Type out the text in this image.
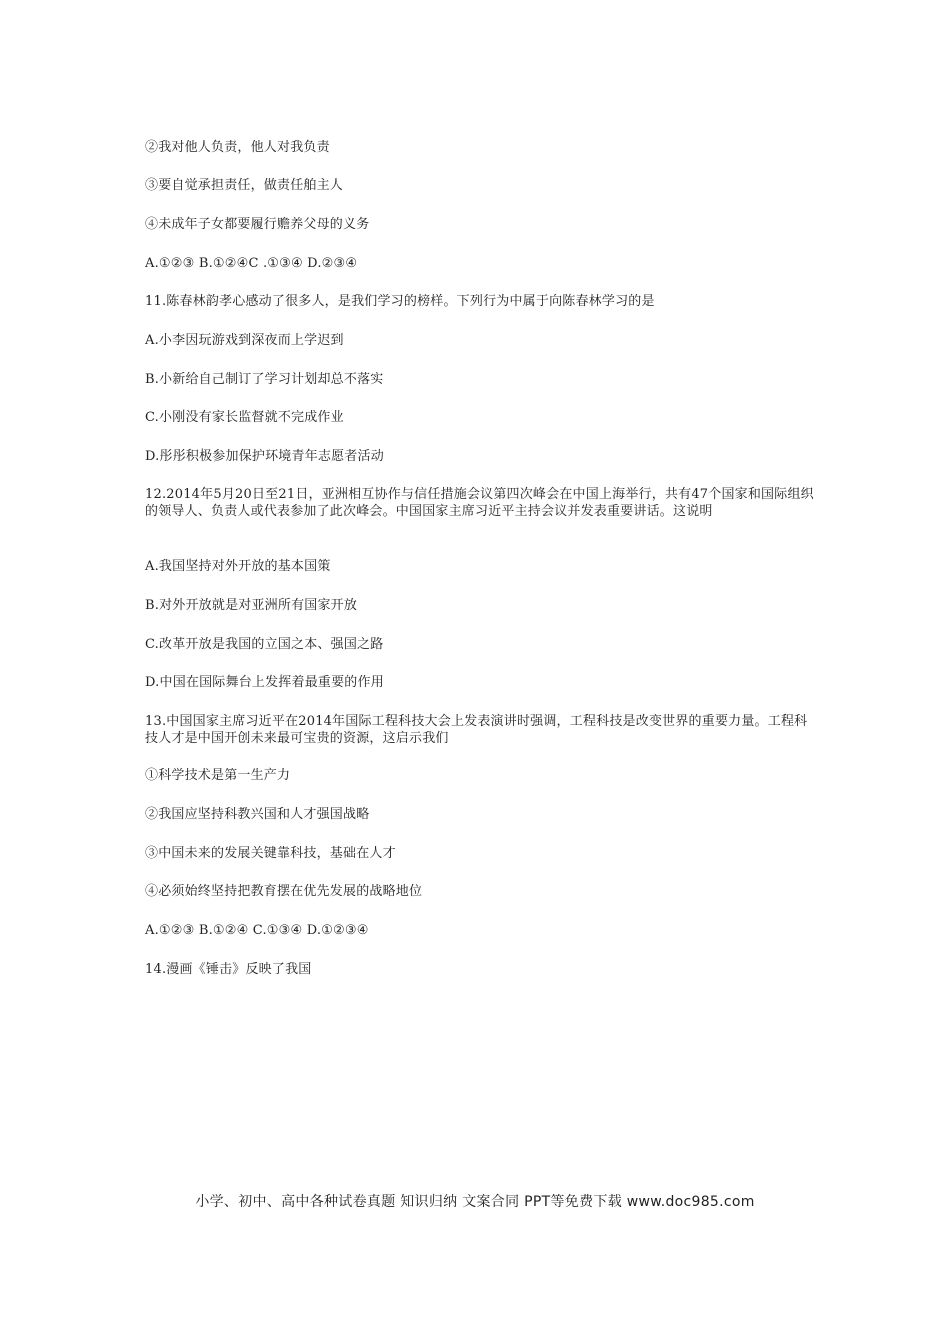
②我对他人负责，他人对我负责
③要自觉承担责任，做责任舶主人
④未成年子女都要履行赡养父母的义务
A.①②③ B.①②④C .①③④ D.②③④
11.陈春林韵孝心感动了很多人，是我们学习的榜样。下列行为中属于向陈春林学习的是
A.小李因玩游戏到深夜而上学迟到
B.小新给自己制订了学习计划却总不落实
C.小刚没有家长监督就不完成作业
D.彤彤积极参加保护环境青年志愿者活动
12.2014年5月20日至21日，亚洲相互协作与信任措施会议第四次峰会在中国上海举行，共有47个国家和国际组织的领导人、负责人或代表参加了此次峰会。中国国家主席习近平主持会议并发表重要讲话。这说明
A.我国坚持对外开放的基本国策
B.对外开放就是对亚洲所有国家开放
C.改革开放是我国的立国之本、强国之路
D.中国在国际舞台上发挥着最重要的作用
13.中国国家主席习近平在2014年国际工程科技大会上发表演讲时强调，工程科技是改变世界的重要力量。工程科技人才是中国开创未来最可宝贵的资源，这启示我们
①科学技术是第一生产力
②我国应坚持科教兴国和人才强国战略
③中国未来的发展关键靠科技，基础在人才
④必须始终坚持把教育摆在优先发展的战略地位
A.①②③ B.①②④ C.①③④ D.①②③④
14.漫画《锤击》反映了我国
小学、初中、高中各种试卷真题 知识归纳 文案合同 PPT等免费下载 www.doc985.com
